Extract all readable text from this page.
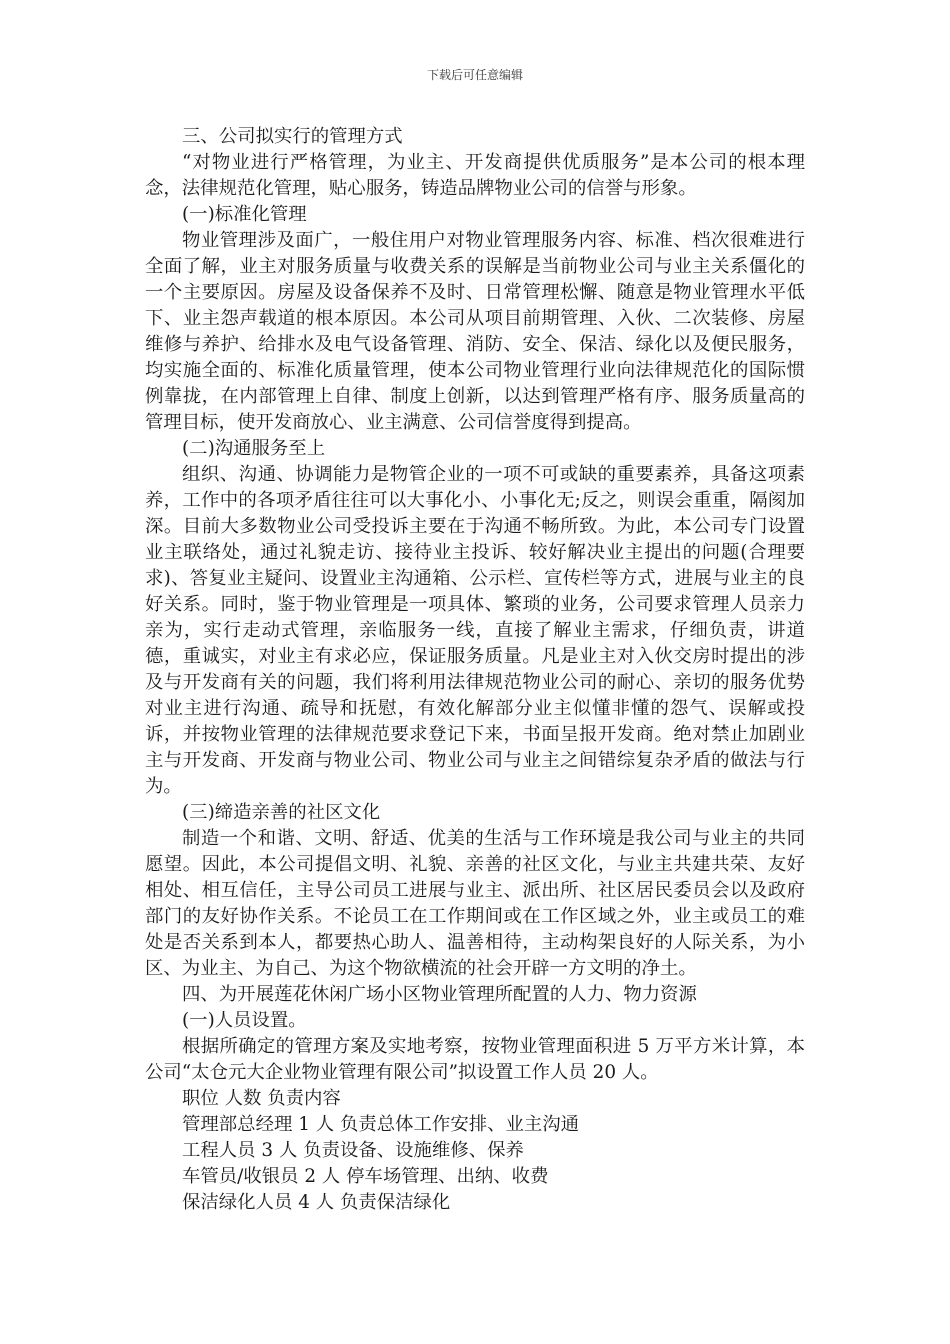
下载后可任意编辑

三、公司拟实行的管理方式

“对物业进行严格管理，为业主、开发商提供优质服务”是本公司的根本理念，法律规范化管理，贴心服务，铸造品牌物业公司的信誉与形象。

(一)标准化管理

物业管理涉及面广，一般住用户对物业管理服务内容、标准、档次很难进行全面了解，业主对服务质量与收费关系的误解是当前物业公司与业主关系僵化的一个主要原因。房屋及设备保养不及时、日常管理松懈、随意是物业管理水平低下、业主怨声载道的根本原因。本公司从项目前期管理、入伙、二次装修、房屋维修与养护、给排水及电气设备管理、消防、安全、保洁、绿化以及便民服务，均实施全面的、标准化质量管理，使本公司物业管理行业向法律规范化的国际惯例靠拢，在内部管理上自律、制度上创新，以达到管理严格有序、服务质量高的管理目标，使开发商放心、业主满意、公司信誉度得到提高。

(二)沟通服务至上

组织、沟通、协调能力是物管企业的一项不可或缺的重要素养，具备这项素养，工作中的各项矛盾往往可以大事化小、小事化无;反之，则误会重重，隔阂加深。目前大多数物业公司受投诉主要在于沟通不畅所致。为此，本公司专门设置业主联络处，通过礼貌走访、接待业主投诉、较好解决业主提出的问题(合理要求)、答复业主疑问、设置业主沟通箱、公示栏、宣传栏等方式，进展与业主的良好关系。同时，鉴于物业管理是一项具体、繁琐的业务，公司要求管理人员亲力亲为，实行走动式管理，亲临服务一线，直接了解业主需求，仔细负责，讲道德，重诚实，对业主有求必应，保证服务质量。凡是业主对入伙交房时提出的涉及与开发商有关的问题，我们将利用法律规范物业公司的耐心、亲切的服务优势对业主进行沟通、疏导和抚慰，有效化解部分业主似懂非懂的怨气、误解或投诉，并按物业管理的法律规范要求登记下来，书面呈报开发商。绝对禁止加剧业主与开发商、开发商与物业公司、物业公司与业主之间错综复杂矛盾的做法与行为。

(三)缔造亲善的社区文化

制造一个和谐、文明、舒适、优美的生活与工作环境是我公司与业主的共同愿望。因此，本公司提倡文明、礼貌、亲善的社区文化，与业主共建共荣、友好相处、相互信任，主导公司员工进展与业主、派出所、社区居民委员会以及政府部门的友好协作关系。不论员工在工作期间或在工作区域之外，业主或员工的难处是否关系到本人，都要热心助人、温善相待，主动构架良好的人际关系，为小区、为业主、为自己、为这个物欲横流的社会开辟一方文明的净土。

四、为开展莲花休闲广场小区物业管理所配置的人力、物力资源

(一)人员设置。

根据所确定的管理方案及实地考察，按物业管理面积进 5 万平方米计算，本公司“太仓元大企业物业管理有限公司”拟设置工作人员 20 人。

职位 人数 负责内容

管理部总经理 1 人 负责总体工作安排、业主沟通

工程人员 3 人 负责设备、设施维修、保养

车管员/收银员 2 人 停车场管理、出纳、收费

保洁绿化人员 4 人 负责保洁绿化
